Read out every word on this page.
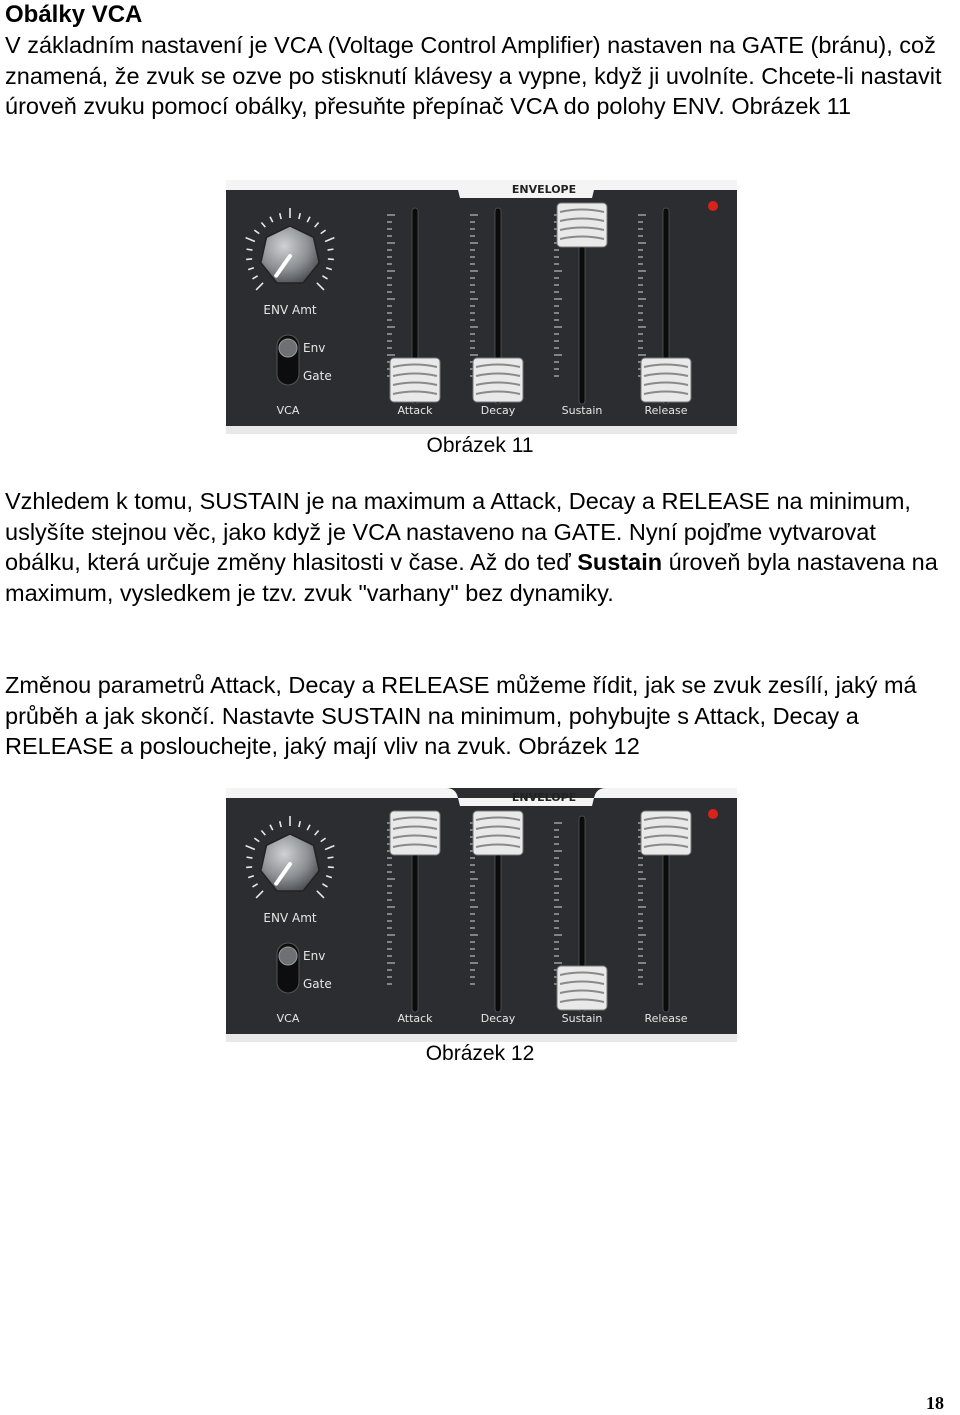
Obálky VCA

V základním nastavení je VCA (Voltage Control Amplifier) nastaven na GATE (bránu), což znamená, že zvuk se ozve po stisknutí klávesy a vypne, když ji uvolníte. Chcete-li nastavit úroveň zvuku pomocí obálky, přesuňte přepínač VCA do polohy ENV. Obrázek 11

ENVELOPE
ENV Amt
Env
Gate
VCA	Attack	Decay	Sustain	Release
Obrázek 11

Vzhledem k tomu, SUSTAIN je na maximum a Attack, Decay a RELEASE na minimum, uslyšíte stejnou věc, jako když je VCA nastaveno na GATE. Nyní pojďme vytvarovat obálku, která určuje změny hlasitosti v čase. Až do teď Sustain úroveň byla nastavena na maximum, vysledkem je tzv. zvuk "varhany" bez dynamiky.

Změnou parametrů Attack, Decay a RELEASE můžeme řídit, jak se zvuk zesílí, jaký má průběh a jak skončí. Nastavte SUSTAIN na minimum, pohybujte s Attack, Decay a RELEASE a poslouchejte, jaký mají vliv na zvuk. Obrázek 12

ENVELOPE
ENV Amt
Env
Gate
VCA	Attack	Decay	Sustain	Release
Obrázek 12
18
